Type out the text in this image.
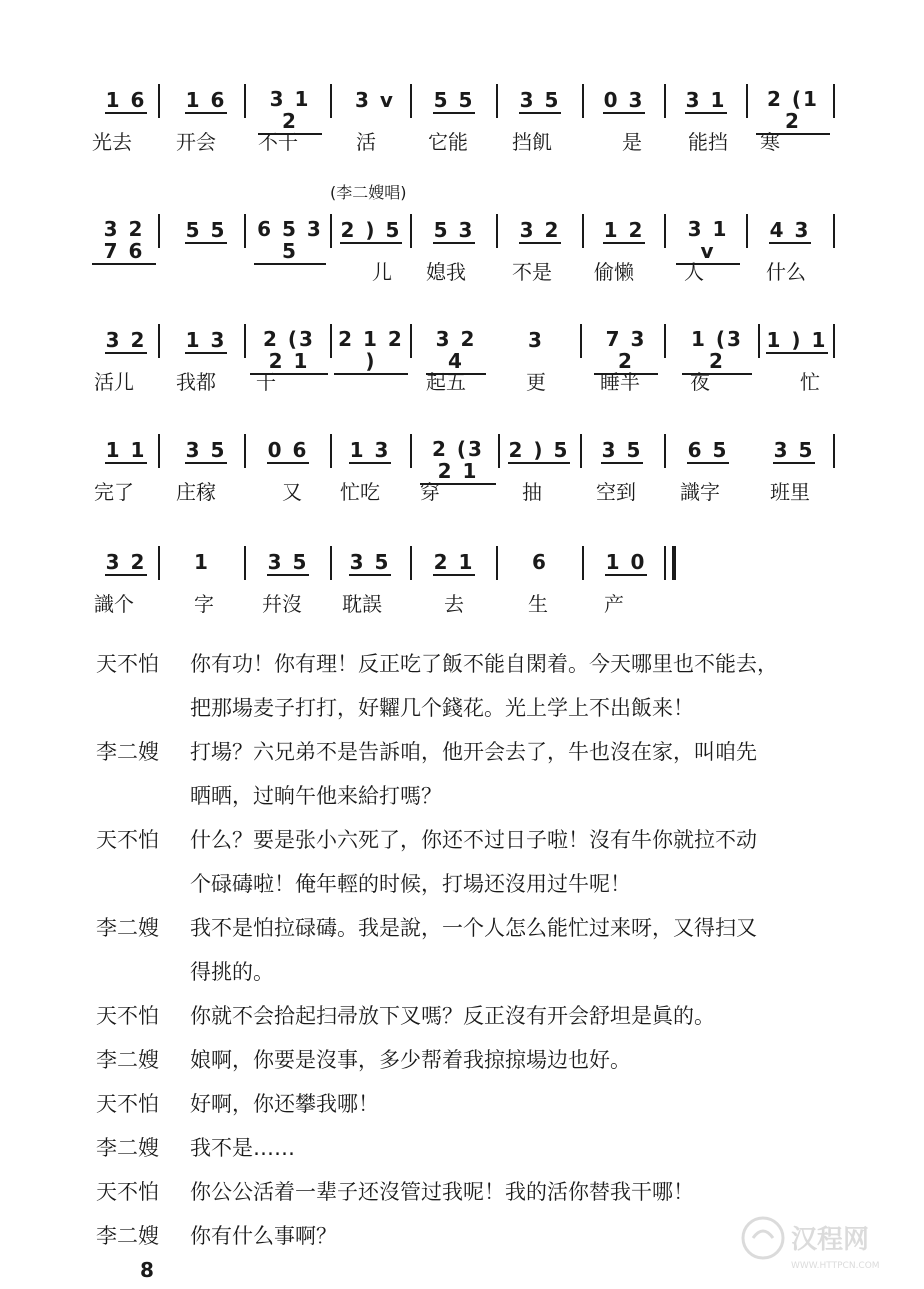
1 6	1 6	3 1 2
3 v	5 5	3 5	0 3	3 1	2 (1 2
光去 开会 不干	活	它能 挡飢	是 能挡 寒
(李二嫂唱)
3 2 7 6
5 5	6 5 3 5
2 ) 5	5 3	3 2	1 2	3 1 v
4 3
儿 媳我 不是 偷懒	人	什么
3 2	1 3	2 (3 2 1
2 1 2 )
3 2 4
3	7 3 2
1 (3 2
1 ) 1
活儿 我都 干	起五	更	睡半	夜	忙
1 1	3 5	0 6	1 3	2 (3 2 1
2 ) 5	3 5	6 5	3 5
完了 庄稼	又 忙吃 穿	抽	空到 識字	班里
3 2	1	3 5	3 5	2 1	6	1 0
識个	字 幷沒 耽誤	去	生	产
天不怕	你有功！你有理！反正吃了飯不能自閑着。今天哪里也不能去，
把那場麦子打打，好糶几个錢花。光上学上不出飯来！
李二嫂	打場？六兄弟不是告訴咱，他开会去了，牛也沒在家，叫咱先
晒晒，过晌午他来給打嗎？
天不怕	什么？要是张小六死了，你还不过日子啦！沒有牛你就拉不动
个碌碡啦！俺年輕的时候，打場还沒用过牛呢！
李二嫂	我不是怕拉碌碡。我是說，一个人怎么能忙过来呀，又得扫又
得挑的。
天不怕	你就不会拾起扫帚放下叉嗎？反正沒有开会舒坦是眞的。
李二嫂	娘啊，你要是沒事，多少帮着我掠掠場边也好。
天不怕	好啊，你还攀我哪！
李二嫂	我不是……
天不怕	你公公活着一辈子还沒管过我呢！我的活你替我干哪！
李二嫂	你有什么事啊？
8
汉程网
WWW.HTTPCN.COM
